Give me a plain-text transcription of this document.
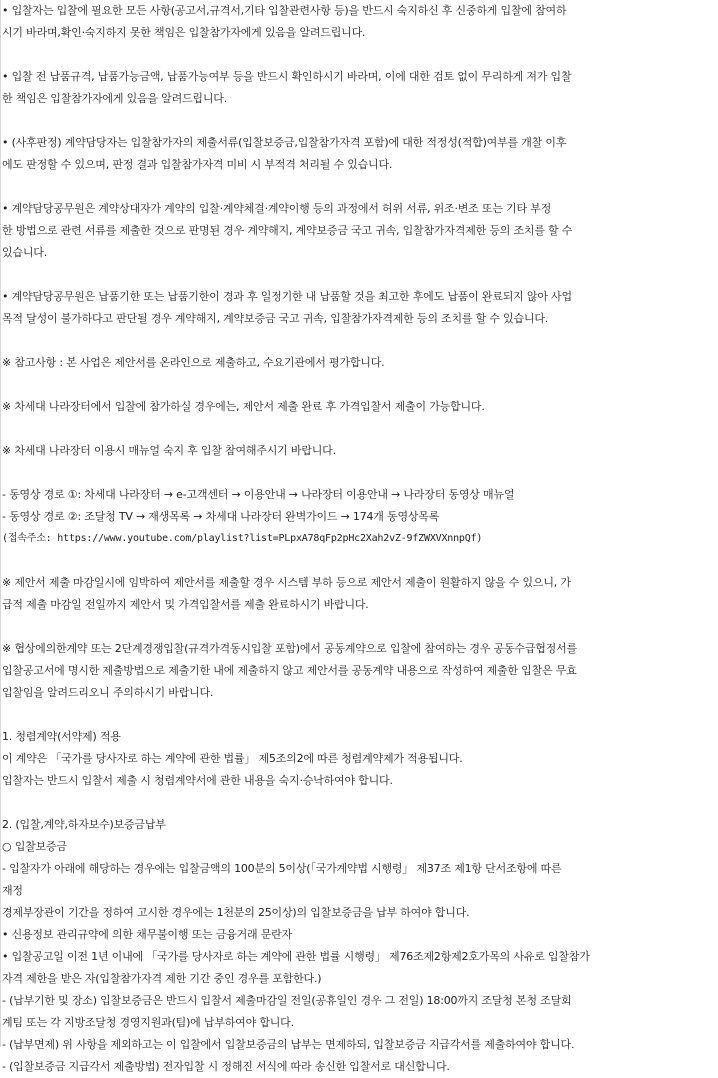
• 입찰자는 입찰에 필요한 모든 사항(공고서,규격서,기타 입찰관련사항 등)을 반드시 숙지하신 후 신중하게 입찰에 참여하
시기 바라며,확인·숙지하지 못한 책임은 입찰참가자에게 있음을 알려드립니다.
• 입찰 전 납품규격, 납품가능금액, 납품가능여부 등을 반드시 확인하시기 바라며, 이에 대한 검토 없이 무리하게 져가 입찰
한 책임은 입찰참가자에게 있음을 알려드립니다.
• (사후판정) 계약담당자는 입찰참가자의 제출서류(입찰보증금,입찰참가자격 포함)에 대한 적정성(적합)여부를 개찰 이후
에도 판정할 수 있으며, 판정 결과 입찰참가자격 미비 시 부적격 처리될 수 있습니다.
• 계약담당공무원은 계약상대자가 계약의 입찰·계약체결·계약이행 등의 과정에서 허위 서류, 위조·변조 또는 기타 부정
한 방법으로 관련 서류를 제출한 것으로 판명된 경우 계약해지, 계약보증금 국고 귀속, 입찰참가자격제한 등의 조치를 할 수
있습니다.
• 계약담당공무원은 납품기한 또는 납품기한이 경과 후 일정기한 내 납품할 것을 최고한 후에도 납품이 완료되지 않아 사업
목적 달성이 불가하다고 판단될 경우 계약해지, 계약보증금 국고 귀속, 입찰참가자격제한 등의 조치를 할 수 있습니다.
※ 참고사항 : 본 사업은 제안서를 온라인으로 제출하고, 수요기관에서 평가합니다.
※ 차세대 나라장터에서 입찰에 참가하실 경우에는, 제안서 제출 완료 후 가격입찰서 제출이 가능합니다.
※ 차세대 나라장터 이용시 매뉴얼 숙지 후 입찰 참여해주시기 바랍니다.
- 동영상 경로 ①: 차세대 나라장터 → e-고객센터 → 이용안내 → 나라장터 이용안내 → 나라장터 동영상 매뉴얼
- 동영상 경로 ②: 조달청 TV → 재생목록 → 차세대 나라장터 완벽가이드 → 174개 동영상목록
(접속주소: https://www.youtube.com/playlist?list=PLpxA78qFp2pHc2Xah2vZ-9fZWXVXnnpQf)
※ 제안서 제출 마감일시에 임박하여 제안서를 제출할 경우 시스템 부하 등으로 제안서 제출이 원활하지 않을 수 있으니, 가
급적 제출 마감일 전일까지 제안서 및 가격입찰서를 제출 완료하시기 바랍니다.
※ 협상에의한계약 또는 2단계경쟁입찰(규격가격동시입찰 포함)에서 공동계약으로 입찰에 참여하는 경우 공동수급협정서를
입찰공고서에 명시한 제출방법으로 제출기한 내에 제출하지 않고 제안서를 공동계약 내용으로 작성하여 제출한 입찰은 무효
입찰임을 알려드리오니 주의하시기 바랍니다.
1. 청렴계약(서약제) 적용
이 계약은 「국가를 당사자로 하는 계약에 관한 법률」 제5조의2에 따른 청렴계약제가 적용됩니다.
입찰자는 반드시 입찰서 제출 시 청렴계약서에 관한 내용을 숙지·승낙하여야 합니다.
2. (입찰,계약,하자보수)보증금납부
○ 입찰보증금
- 입찰자가 아래에 해당하는 경우에는 입찰금액의 100분의 5이상(「국가계약법 시행령」 제37조 제1항 단서조항에 따른
재정
경제부장관이 기간을 정하여 고시한 경우에는 1천분의 25이상)의 입찰보증금을 납부 하여야 합니다.
• 신용정보 관리규약에 의한 채무불이행 또는 금융거래 문란자
• 입찰공고일 이전 1년 이내에 「국가를 당사자로 하는 계약에 관한 법률 시행령」 제76조제2항제2호가목의 사유로 입찰참가
자격 제한을 받은 자(입찰참가자격 제한 기간 중인 경우를 포함한다.)
- (납부기한 및 장소) 입찰보증금은 반드시 입찰서 제출마감일 전일(공휴일인 경우 그 전일) 18:00까지 조달청 본청 조달회
계팀 또는 각 지방조달청 경영지원과(팀)에 납부하여야 합니다.
- (납부면제) 위 사항을 제외하고는 이 입찰에서 입찰보증금의 납부는 면제하되, 입찰보증금 지급각서를 제출하여야 합니다.
- (입찰보증금 지급각서 제출방법) 전자입찰 시 정해진 서식에 따라 송신한 입찰서로 대신합니다.
